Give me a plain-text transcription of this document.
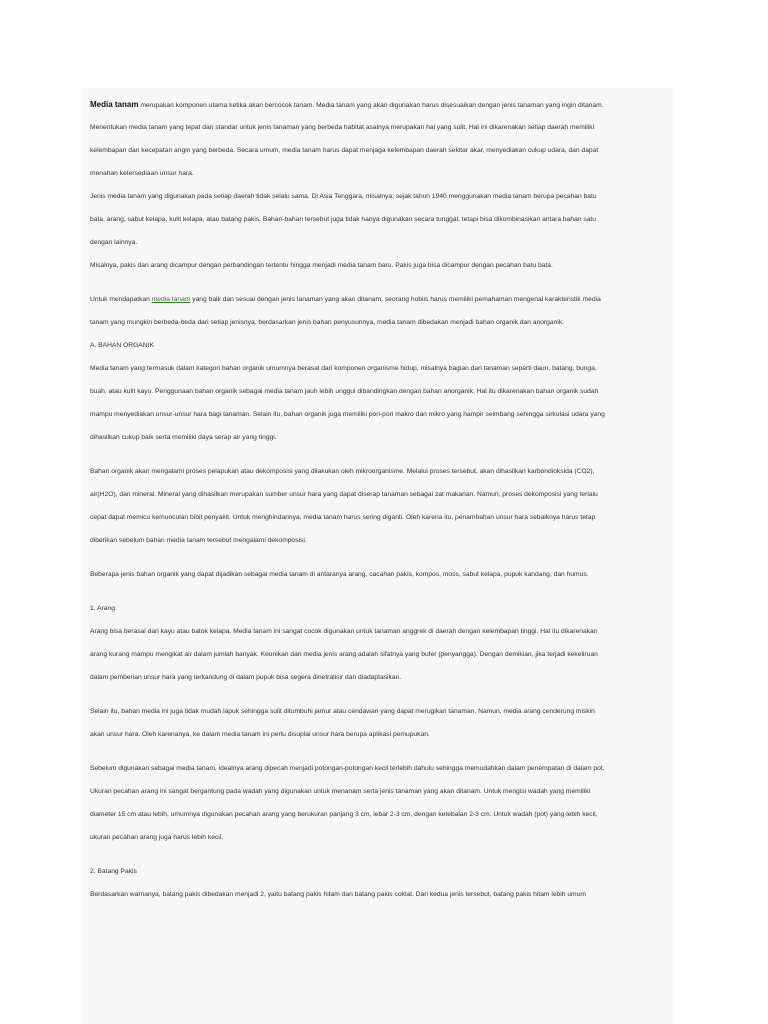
Media tanam merupakan komponen utama ketika akan bercocok tanam. Media tanam yang akan digunakan harus disesuaikan dengan jenis tanaman yang ingin ditanam.
Menentukan media tanam yang tepat dan standar untuk jenis tanaman yang berbeda habitat asalnya merupakan hal yang sulit. Hal ini dikarenakan setiap daerah memiliki
kelembapan dan kecepatan angin yang berbeda. Secara umum, media tanam harus dapat menjaga kelembapan daerah sekitar akar, menyediakan cukup udara, dan dapat
menahan ketersediaan unsur hara.
Jenis media tanam yang digunakan pada setiap daerah tidak selalu sama. Di Asia Tenggara, misalnya, sejak tahun 1940 menggunakan media tanam berupa pecahan batu
bata, arang, sabut kelapa, kulit kelapa, atau batang pakis. Bahan-bahan tersebut juga tidak hanya digunakan secara tunggal, tetapi bisa dikombinasikan antara bahan satu
dengan lainnya.
Misalnya, pakis dan arang dicampur dengan perbandingan tertentu hingga menjadi media tanam baru. Pakis juga bisa dicampur dengan pecahan batu bata.
Untuk mendapatkan media tanam yang baik dan sesuai dengan jenis tanaman yang akan ditanam, seorang hobiis harus memiliki pemahaman mengenai karakteristik media
tanam yang mungkin berbeda-beda dari setiap jenisnya. berdasarkan jenis bahan penyusunnya, media tanam dibedakan menjadi bahan organik dan anorganik.
A. BAHAN ORGANIK
Media tanam yang termasuk dalam kategori bahan organik umumnya berasal dari komponen organisme hidup, misalnya bagian dari tanaman seperti daun, batang, bunga,
buah, atau kulit kayu. Penggunaan bahan organik sebagai media tanam jauh lebih unggul dibandingkan dengan bahan anorganik. Hal itu dikarenakan bahan organik sudah
mampu menyediakan unsur-unsur hara bagi tanaman. Selain itu, bahan organik juga memiliki pori-pori makro dan mikro yang hampir seimbang sehingga sirkulasi udara yang
dihasilkan cukup baik serta memiliki daya serap air yang tinggi.
Bahan organik akan mengalami proses pelapukan atau dekomposisi yang dilakukan oleh mikroorganisme. Melalui proses tersebut, akan dihasilkan karbondioksida (CO2),
air(H2O), dan mineral. Mineral yang dihasilkan merupakan sumber unsur hara yang dapat diserap tanaman sebagai zat makanan. Namun, proses dekomposisi yang terlalu
cepat dapat memicu kemunculan bibit penyakit. Untuk menghindarinya, media tanam harus sering diganti. Oleh karena itu, penambahan unsur hara sebaiknya harus tetap
diberikan sebelum bahan media tanam tersebut mengalami dekomposisi.
Beberapa jenis bahan organik yang dapat dijadikan sebagai media tanam di antaranya arang, cacahan pakis, kompos, moss, sabut kelapa, pupuk kandang, dan humus.
1. Arang
Arang bisa berasal dari kayu atau batok kelapa. Media tanam ini sangat cocok digunakan untuk tanaman anggrek di daerah dengan kelembapan tinggi. Hal itu dikarenakan
arang kurang mampu mengikat air dalam jumlah banyak. Keunikan dari media jenis arang adalah sifatnya yang bufer (penyangga). Dengan demikian, jika terjadi kekeliruan
dalam pemberian unsur hara yang terkandung di dalam pupuk bisa segera dinetralisir dan diadaptasikan.
Selain itu, bahan media ini juga tidak mudah lapuk sehingga sulit ditumbuhi jamur atau cendawan yang dapat merugikan tanaman. Namun, media arang cenderung miskin
akan unsur hara. Oleh karenanya, ke dalam media tanam ini perlu disuplai unsur hara berupa aplikasi pemupukan.
Sebelum digunakan sebagai media tanam, idealnya arang dipecah menjadi potongan-potongan kecil terlebih dahulu sehingga memudahkan dalam penempatan di dalam pot.
Ukuran pecahan arang ini sangat bergantung pada wadah yang digunakan untuk menanam serta jenis tanaman yang akan ditanam. Untuk mengisi wadah yang memiliki
diameter 15 cm atau lebih, umumnya digunakan pecahan arang yang berukuran panjang 3 cm, lebar 2-3 cm, dengan ketebalan 2-3 cm. Untuk wadah (pot) yang lebih kecil,
ukuran pecahan arang juga harus lebih kecil.
2. Batang Pakis
Berdasarkan warnanya, batang pakis dibedakan menjadi 2, yaitu batang pakis hitam dan batang pakis coklat. Dari kedua jenis tersebut, batang pakis hitam lebih umum
